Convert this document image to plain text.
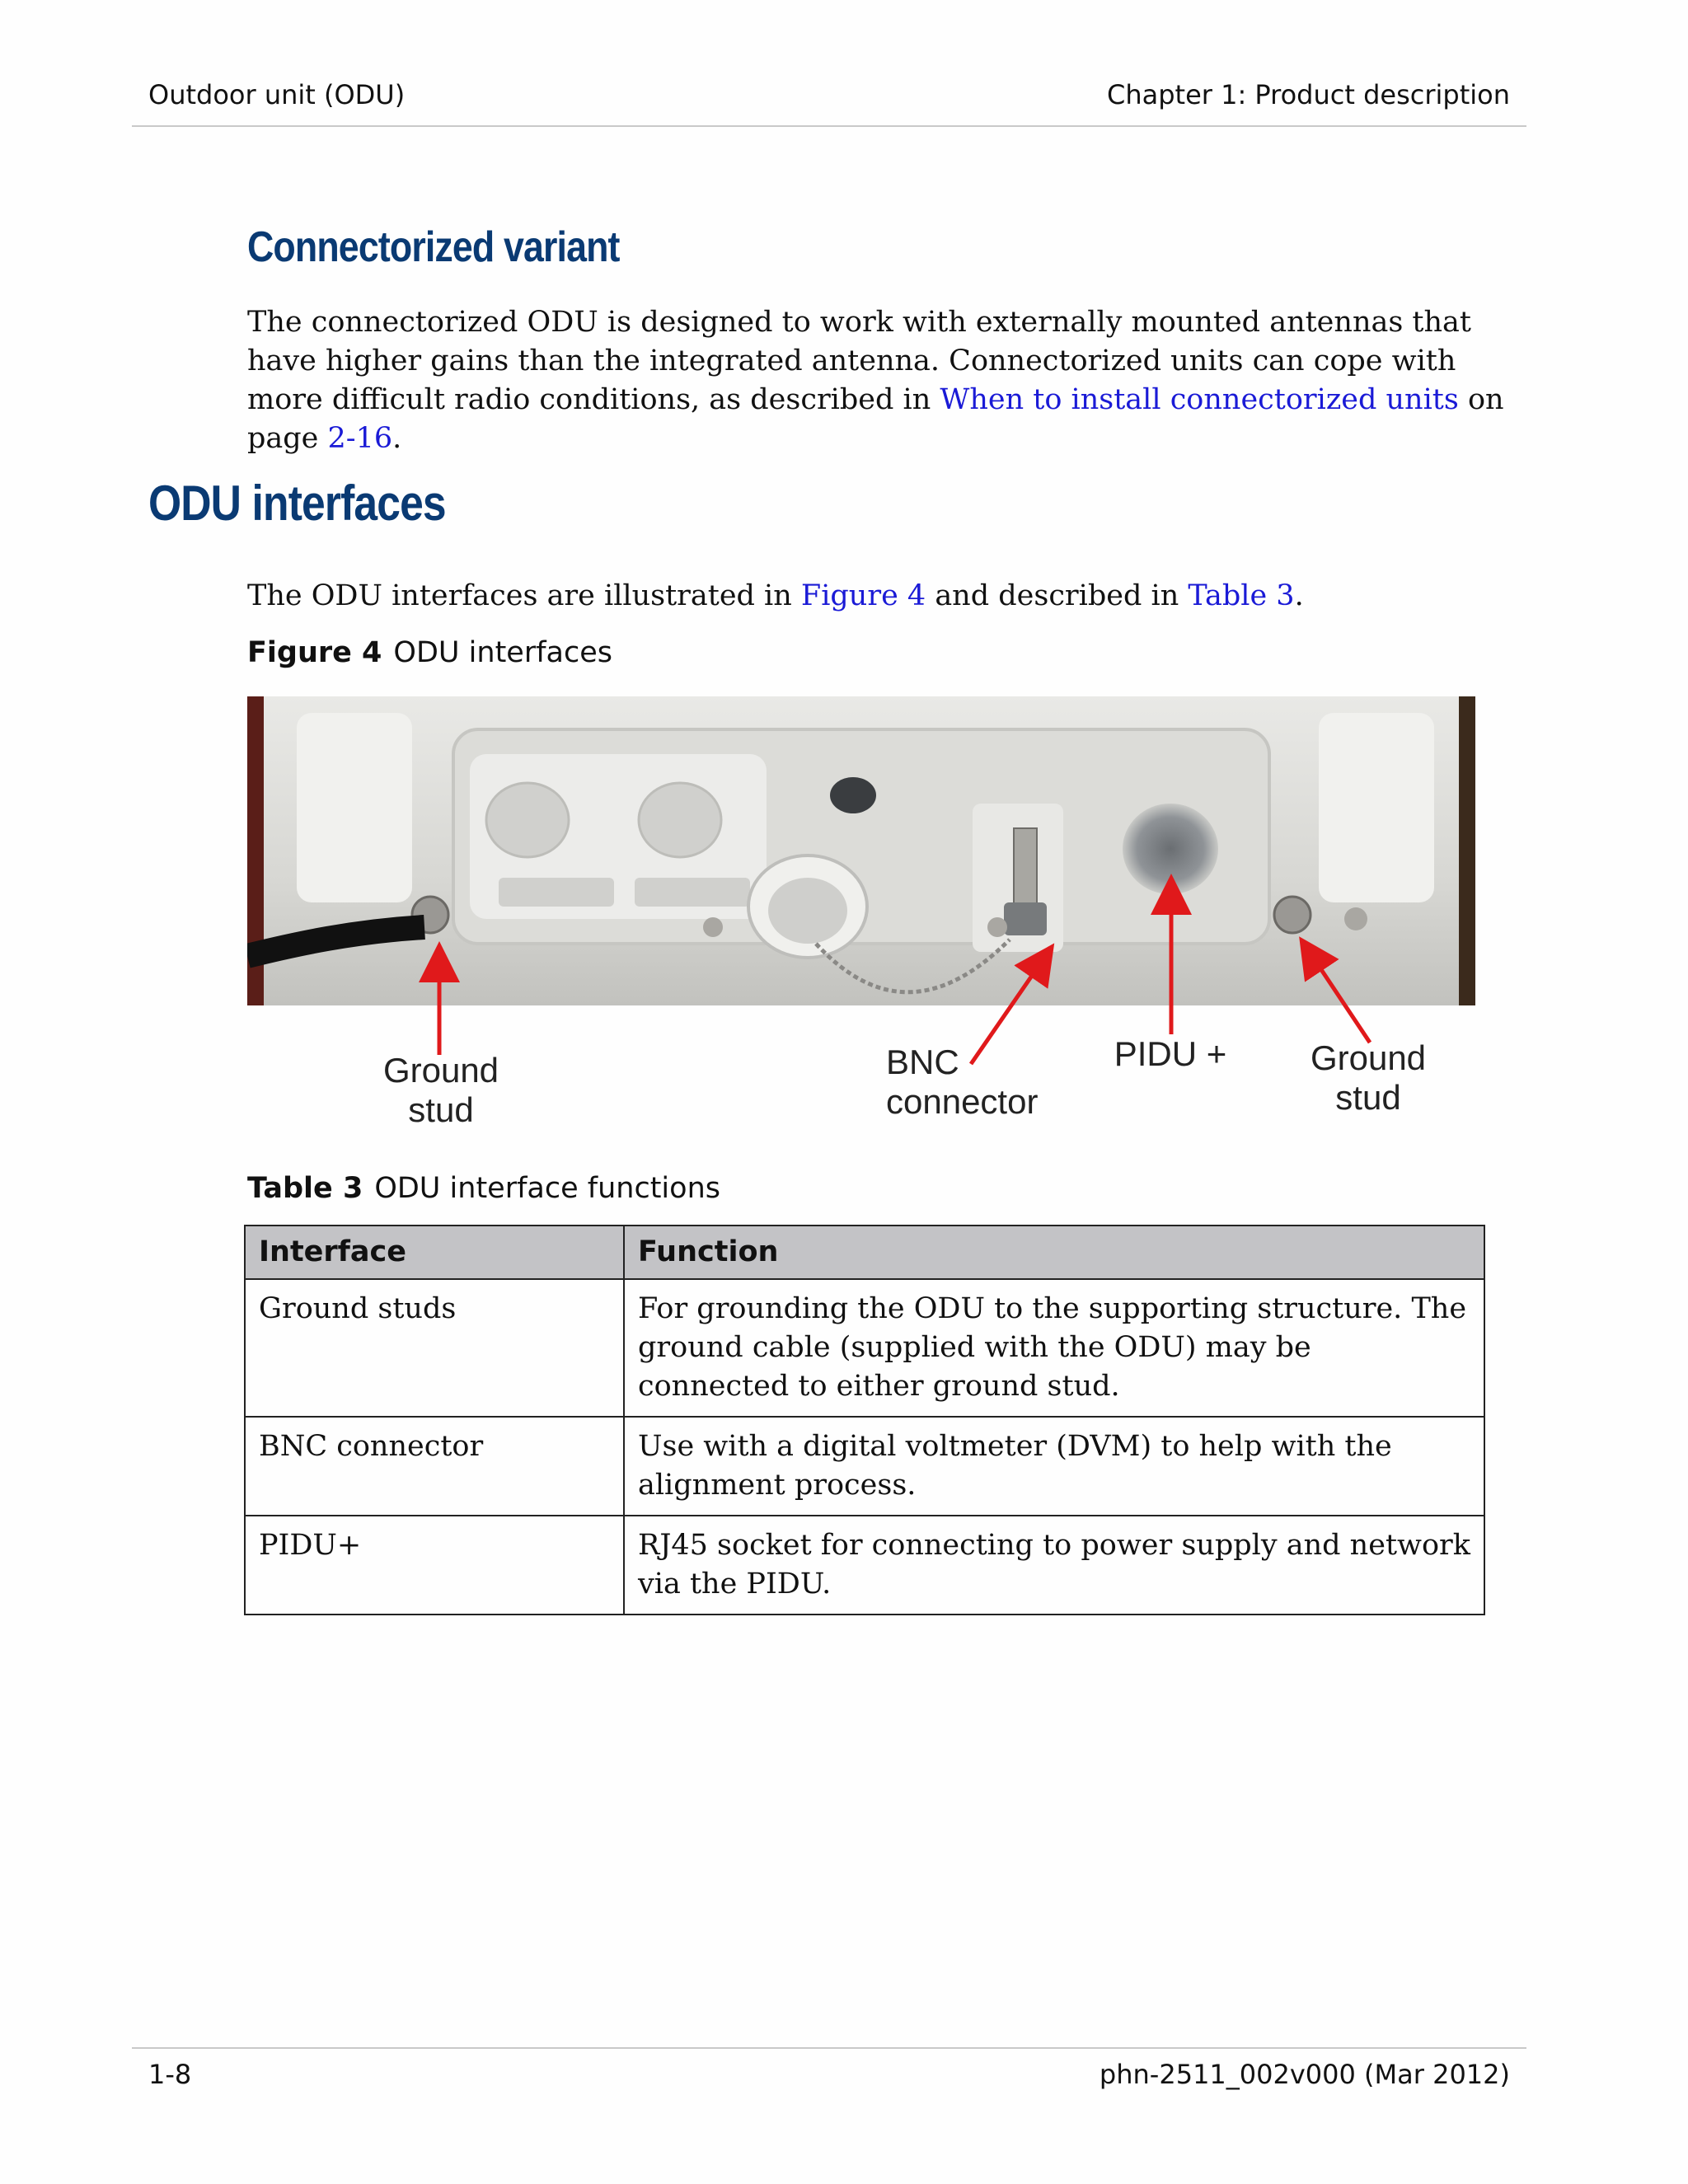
Outdoor unit (ODU)	Chapter 1: Product description
Connectorized variant

The connectorized ODU is designed to work with externally mounted antennas that have higher gains than the integrated antenna. Connectorized units can cope with more difficult radio conditions, as described in When to install connectorized units on page 2-16.

ODU interfaces

The ODU interfaces are illustrated in Figure 4 and described in Table 3.

Figure 4 ODU interfaces
Ground stud
BNC connector
PIDU + Ground stud
Table 3 ODU interface functions
Interface	Function
Ground studs	For grounding the ODU to the supporting structure. The ground cable (supplied with the ODU) may be connected to either ground stud.
BNC connector	Use with a digital voltmeter (DVM) to help with the alignment process.
PIDU+	RJ45 socket for connecting to power supply and network via the PIDU.
1-8	phn-2511_002v000 (Mar 2012)
